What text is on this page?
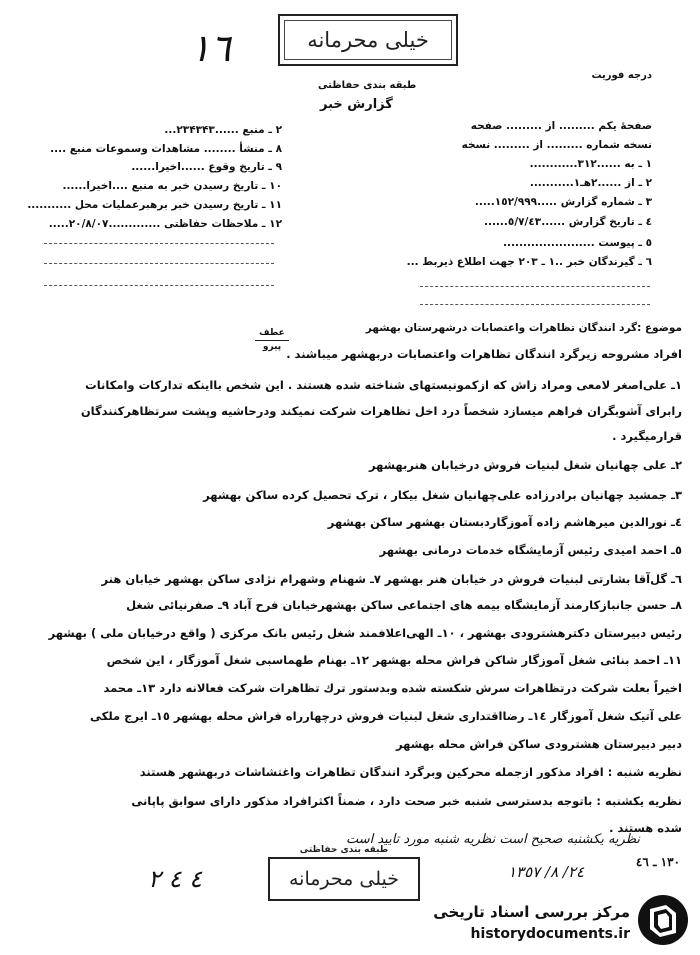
١٦	خیلی محرمانه
درجه فوریت
طبقه بندی حفاظتی
گزارش خبر
٢ ـ منبع ......۲۳۴۳۴۳...
٨ ـ منشأ ........ مشاهدات وسموعات منبع ....
٩ ـ تاریخ وقوع ......اخیرا......
١٠ ـ تاریخ رسیدن خبر به منبع ....اخیرا......
١١ ـ تاریخ رسیدن خبر برهبرعملیات محل ...........
١٢ ـ ملاحظات حفاظتی .............٢٠/٨/٠٧.....
صفحهٔ یکم ......... از ......... صفحه
نسخه شماره ......... از ......... نسخه
١ ـ به ......٣١٢............
٢ ـ از ......٢هـ١...........
٣ ـ شماره گزارش .....١٥٢/٩٩٩.....
٤ ـ تاریخ گزارش ......٥/٧/٤٣......
٥ ـ پیوست .......................
٦ ـ گیرندگان خبر ..١ ـ ٢٠٣ جهت اطلاع ذیربط ...
عطف
پیرو
موضوع :گرد انندگان تظاهرات واعتصابات درشهرستان بهشهر
افراد مشروحه زیرگرد انندگان تظاهرات واعتصابات دربهشهر میباشند .
١ـ علی‌اصغر لامعی ومراد زاش که ازکمونیستهای شناخته شده هستند . این شخص بااینکه تدارکات وامکانات
رابرای آشوبگران فراهم میسازد شخصاً درد اخل تظاهرات شرکت نمیکند ودرحاشیه وپشت سرتظاهرکنندگان
قرارمیگیرد .
٢ـ علی چهانیان شغل لبنیات فروش درخیابان هنربهشهر
٣ـ جمشید چهانیان برادرزاده علی‌چهانیان شغل بیکار ، ترک تحصیل کرده ساکن بهشهر
٤ـ نورالدین میرهاشم زاده آموزگاردبستان بهشهر ساکن بهشهر
٥ـ احمد امیدی رئیس آزمایشگاه خدمات درمانی بهشهر
٦ـ گل‌آقا بشارتی لبنیات فروش در خیابان هنر بهشهر ٧ـ شهنام وشهرام نژادی ساکن بهشهر خیابان هنر
٨ـ حسن جانبازکارمند آزمایشگاه بیمه های اجتماعی ساکن بهشهرخیابان فرح آباد ٩ـ صفرنیائی شغل
رئیس دبیرستان دکترهشترودی بهشهر ، ١٠ـ الهی‌اعلافمند شغل رئیس بانک مرکزی ( واقع درخیابان ملی ) بهشهر
١١ـ احمد بنائی شغل آموزگار شاکن فراش محله بهشهر ١٢ـ بهنام طهماسبی شغل آموزگار ، این شخص
اخیراً بعلت شرکت درتظاهرات سرش شکسته شده وبدستور ترك تظاهرات شرکت فعالانه دارد ١٣ـ محمد
علی آتیک شغل آموزگار ١٤ـ رضااقتداری شغل لبنیات فروش درچهارراه فراش محله بهشهر ١٥ـ ایرج ملکی
دبیر دبیرستان هشترودی ساکن فراش محله بهشهر
نظریه شنبه : افراد مذکور ازجمله محرکین وبرگرد انندگان تظاهرات واغتشاشات دربهشهر هستند
نظریه یکشنبه : باتوجه بدسترسی شنبه خبر صحت دارد ، ضمناً اکثرافراد مذکور دارای سوابق پاپانی
شده هستند .
نظریه یکشنبه صحیح است نظریه شنبه مورد تایید است
١٣٠ ـ ٤٦
٢٤/ ٨/ ١٣٥٧
٤ ٤ ٢
طبقه بندی حفاظتی
خیلی محرمانه
مرکز بررسی اسناد تاریخی
historydocuments.ir
